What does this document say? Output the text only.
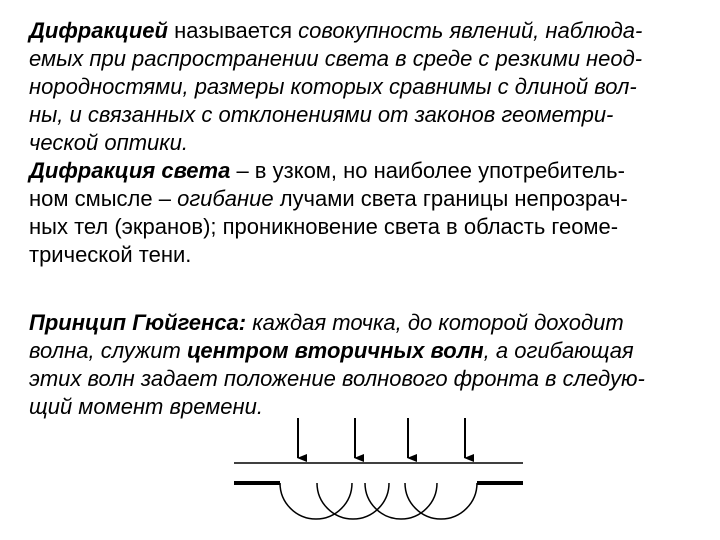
Дифракцией называется совокупность явлений, наблюда-
емых при распространении света в среде с резкими неод-
нородностями, размеры которых сравнимы с длиной вол-
ны, и связанных с отклонениями от законов геометри-
ческой оптики.
Дифракция света – в узком, но наиболее употребитель-
ном смысле – огибание лучами света границы непрозрач-
ных тел (экранов); проникновение света в область геоме-
трической тени.
Принцип Гюйгенса: каждая точка, до которой доходит
волна, служит центром вторичных волн, а огибающая
этих волн задает положение волнового фронта в следую-
щий момент времени.
